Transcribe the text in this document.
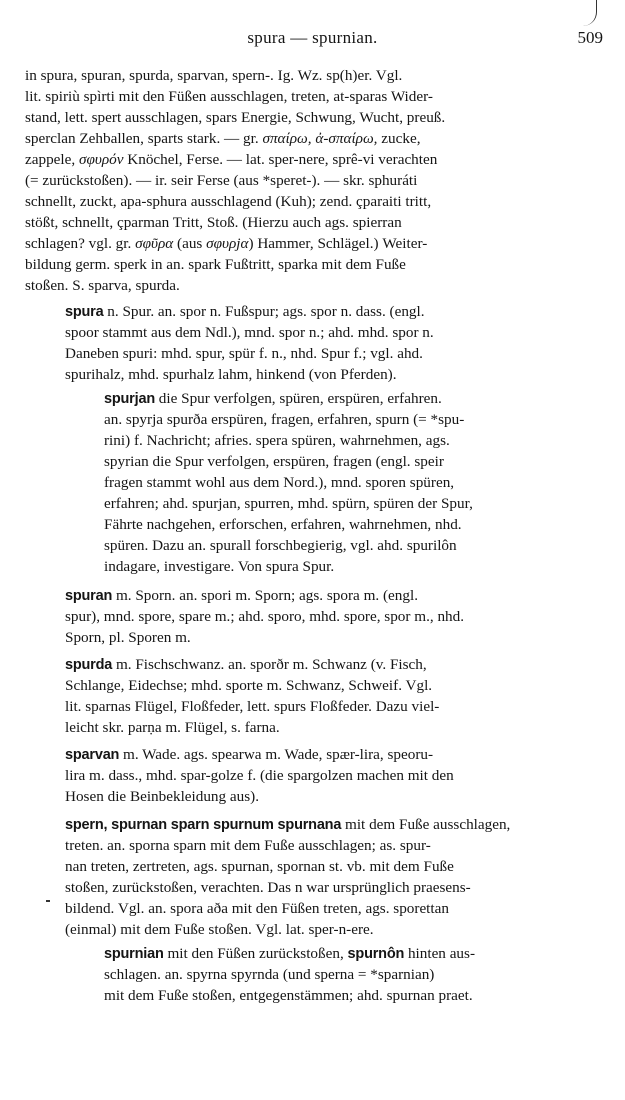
spura — spurnian.	509
in spura, spuran, spurda, sparvan, spern-. Ig. Wz. sp(h)er. Vgl.
lit. spiriù spìrti mit den Füßen ausschlagen, treten, at-sparas Wider-
stand, lett. spert ausschlagen, spars Energie, Schwung, Wucht, preuß.
sperclan Zehballen, sparts stark. — gr. σπαίρω, ἀ-σπαίρω, zucke,
zappele, σφυρόν Knöchel, Ferse. — lat. sper-nere, sprê-vi verachten
(= zurückstoßen). — ir. seir Ferse (aus *speret-). — skr. sphuráti
schnellt, zuckt, apa-sphura ausschlagend (Kuh); zend. çparaiti tritt,
stößt, schnellt, çparman Tritt, Stoß. (Hierzu auch ags. spierran
schlagen? vgl. gr. σφῦρα (aus σφυρjα) Hammer, Schlägel.) Weiter-
bildung germ. sperk in an. spark Fußtritt, sparka mit dem Fuße
stoßen. S. sparva, spurda.
spura n. Spur. an. spor n. Fußspur; ags. spor n. dass. (engl.
spoor stammt aus dem Ndl.), mnd. spor n.; ahd. mhd. spor n.
Daneben spuri: mhd. spur, spür f. n., nhd. Spur f.; vgl. ahd.
spurihalz, mhd. spurhalz lahm, hinkend (von Pferden).
spurjan die Spur verfolgen, spüren, erspüren, erfahren.
an. spyrja spurða erspüren, fragen, erfahren, spurn (= *spu-
rini) f. Nachricht; afries. spera spüren, wahrnehmen, ags.
spyrian die Spur verfolgen, erspüren, fragen (engl. speir
fragen stammt wohl aus dem Nord.), mnd. sporen spüren,
erfahren; ahd. spurjan, spurren, mhd. spürn, spüren der Spur,
Fährte nachgehen, erforschen, erfahren, wahrnehmen, nhd.
spüren. Dazu an. spurall forschbegierig, vgl. ahd. spurilôn
indagare, investigare. Von spura Spur.
spuran m. Sporn. an. spori m. Sporn; ags. spora m. (engl.
spur), mnd. spore, spare m.; ahd. sporo, mhd. spore, spor m., nhd.
Sporn, pl. Sporen m.
spurda m. Fischschwanz. an. sporðr m. Schwanz (v. Fisch,
Schlange, Eidechse; mhd. sporte m. Schwanz, Schweif. Vgl.
lit. sparnas Flügel, Floßfeder, lett. spurs Floßfeder. Dazu viel-
leicht skr. parṇa m. Flügel, s. farna.
sparvan m. Wade. ags. spearwa m. Wade, spær-lira, speoru-
lira m. dass., mhd. spar-golze f. (die spargolzen machen mit den
Hosen die Beinbekleidung aus).
spern, spurnan sparn spurnum spurnana mit dem Fuße ausschlagen,
treten. an. sporna sparn mit dem Fuße ausschlagen; as. spur-
nan treten, zertreten, ags. spurnan, spornan st. vb. mit dem Fuße
stoßen, zurückstoßen, verachten. Das n war ursprünglich praesens-
bildend. Vgl. an. spora aða mit den Füßen treten, ags. sporettan
(einmal) mit dem Fuße stoßen. Vgl. lat. sper-n-ere.
spurnian mit den Füßen zurückstoßen, spurnôn hinten aus-
schlagen. an. spyrna spyrnda (und sperna = *sparnian)
mit dem Fuße stoßen, entgegenstämmen; ahd. spurnan praet.
